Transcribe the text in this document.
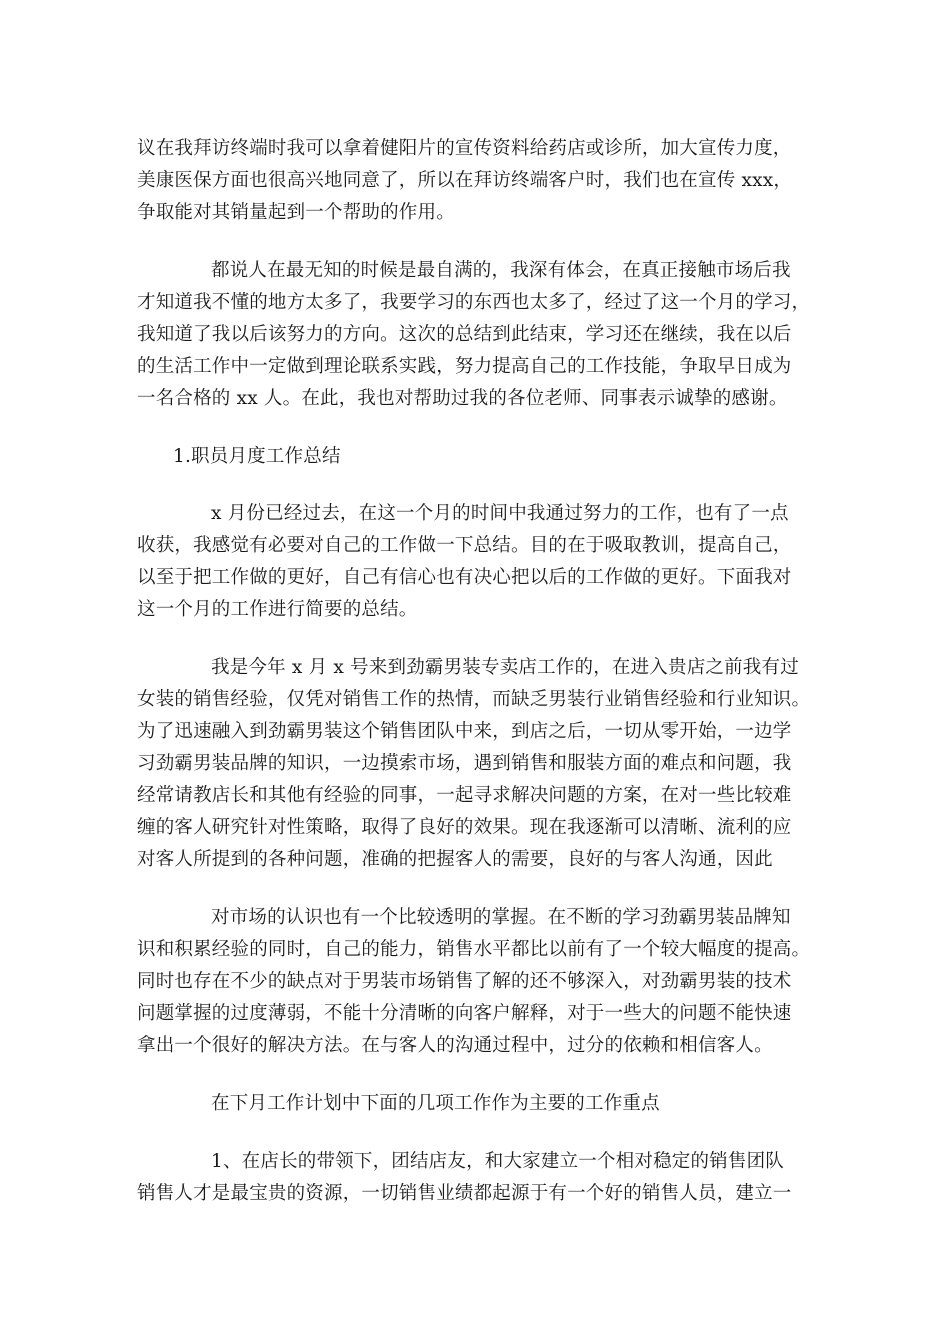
议在我拜访终端时我可以拿着健阳片的宣传资料给药店或诊所，加大宣传力度，
美康医保方面也很高兴地同意了，所以在拜访终端客户时，我们也在宣传 xxx，
争取能对其销量起到一个帮助的作用。
都说人在最无知的时候是最自满的，我深有体会，在真正接触市场后我
才知道我不懂的地方太多了，我要学习的东西也太多了，经过了这一个月的学习，
我知道了我以后该努力的方向。这次的总结到此结束，学习还在继续，我在以后
的生活工作中一定做到理论联系实践，努力提高自己的工作技能，争取早日成为
一名合格的 xx 人。在此，我也对帮助过我的各位老师、同事表示诚挚的感谢。
1.职员月度工作总结
x 月份已经过去，在这一个月的时间中我通过努力的工作，也有了一点
收获，我感觉有必要对自己的工作做一下总结。目的在于吸取教训，提高自己，
以至于把工作做的更好，自己有信心也有决心把以后的工作做的更好。下面我对
这一个月的工作进行简要的总结。
我是今年 x 月 x 号来到劲霸男装专卖店工作的，在进入贵店之前我有过
女装的销售经验，仅凭对销售工作的热情，而缺乏男装行业销售经验和行业知识。
为了迅速融入到劲霸男装这个销售团队中来，到店之后，一切从零开始，一边学
习劲霸男装品牌的知识，一边摸索市场，遇到销售和服装方面的难点和问题，我
经常请教店长和其他有经验的同事，一起寻求解决问题的方案，在对一些比较难
缠的客人研究针对性策略，取得了良好的效果。现在我逐渐可以清晰、流利的应
对客人所提到的各种问题，准确的把握客人的需要，良好的与客人沟通，因此
对市场的认识也有一个比较透明的掌握。在不断的学习劲霸男装品牌知
识和积累经验的同时，自己的能力，销售水平都比以前有了一个较大幅度的提高。
同时也存在不少的缺点对于男装市场销售了解的还不够深入，对劲霸男装的技术
问题掌握的过度薄弱，不能十分清晰的向客户解释，对于一些大的问题不能快速
拿出一个很好的解决方法。在与客人的沟通过程中，过分的依赖和相信客人。
在下月工作计划中下面的几项工作作为主要的工作重点
1、在店长的带领下，团结店友，和大家建立一个相对稳定的销售团队
销售人才是最宝贵的资源，一切销售业绩都起源于有一个好的销售人员，建立一
